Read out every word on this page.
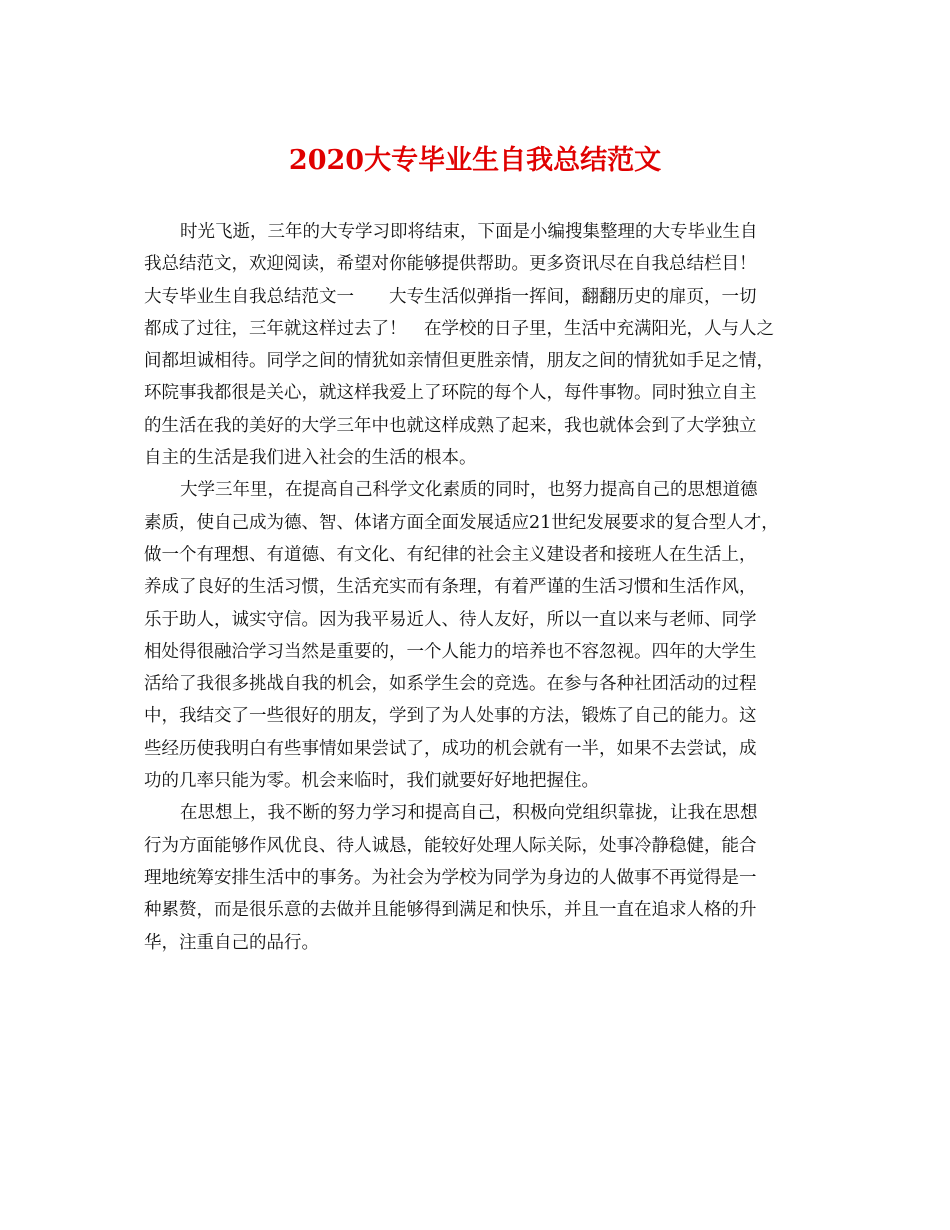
2020大专毕业生自我总结范文
时光飞逝，三年的大专学习即将结束，下面是小编搜集整理的大专毕业生自
我总结范文，欢迎阅读，希望对你能够提供帮助。更多资讯尽在自我总结栏目！
大专毕业生自我总结范文一　　大专生活似弹指一挥间，翻翻历史的扉页，一切
都成了过往，三年就这样过去了！　在学校的日子里，生活中充满阳光，人与人之
间都坦诚相待。同学之间的情犹如亲情但更胜亲情，朋友之间的情犹如手足之情，
环院事我都很是关心，就这样我爱上了环院的每个人，每件事物。同时独立自主
的生活在我的美好的大学三年中也就这样成熟了起来，我也就体会到了大学独立
自主的生活是我们进入社会的生活的根本。
大学三年里，在提高自己科学文化素质的同时，也努力提高自己的思想道德
素质，使自己成为德、智、体诸方面全面发展适应21世纪发展要求的复合型人才，
做一个有理想、有道德、有文化、有纪律的社会主义建设者和接班人在生活上，
养成了良好的生活习惯，生活充实而有条理，有着严谨的生活习惯和生活作风，
乐于助人，诚实守信。因为我平易近人、待人友好，所以一直以来与老师、同学
相处得很融洽学习当然是重要的，一个人能力的培养也不容忽视。四年的大学生
活给了我很多挑战自我的机会，如系学生会的竞选。在参与各种社团活动的过程
中，我结交了一些很好的朋友，学到了为人处事的方法，锻炼了自己的能力。这
些经历使我明白有些事情如果尝试了，成功的机会就有一半，如果不去尝试，成
功的几率只能为零。机会来临时，我们就要好好地把握住。
在思想上，我不断的努力学习和提高自己，积极向党组织靠拢，让我在思想
行为方面能够作风优良、待人诚恳，能较好处理人际关际，处事冷静稳健，能合
理地统筹安排生活中的事务。为社会为学校为同学为身边的人做事不再觉得是一
种累赘，而是很乐意的去做并且能够得到满足和快乐，并且一直在追求人格的升
华，注重自己的品行。
